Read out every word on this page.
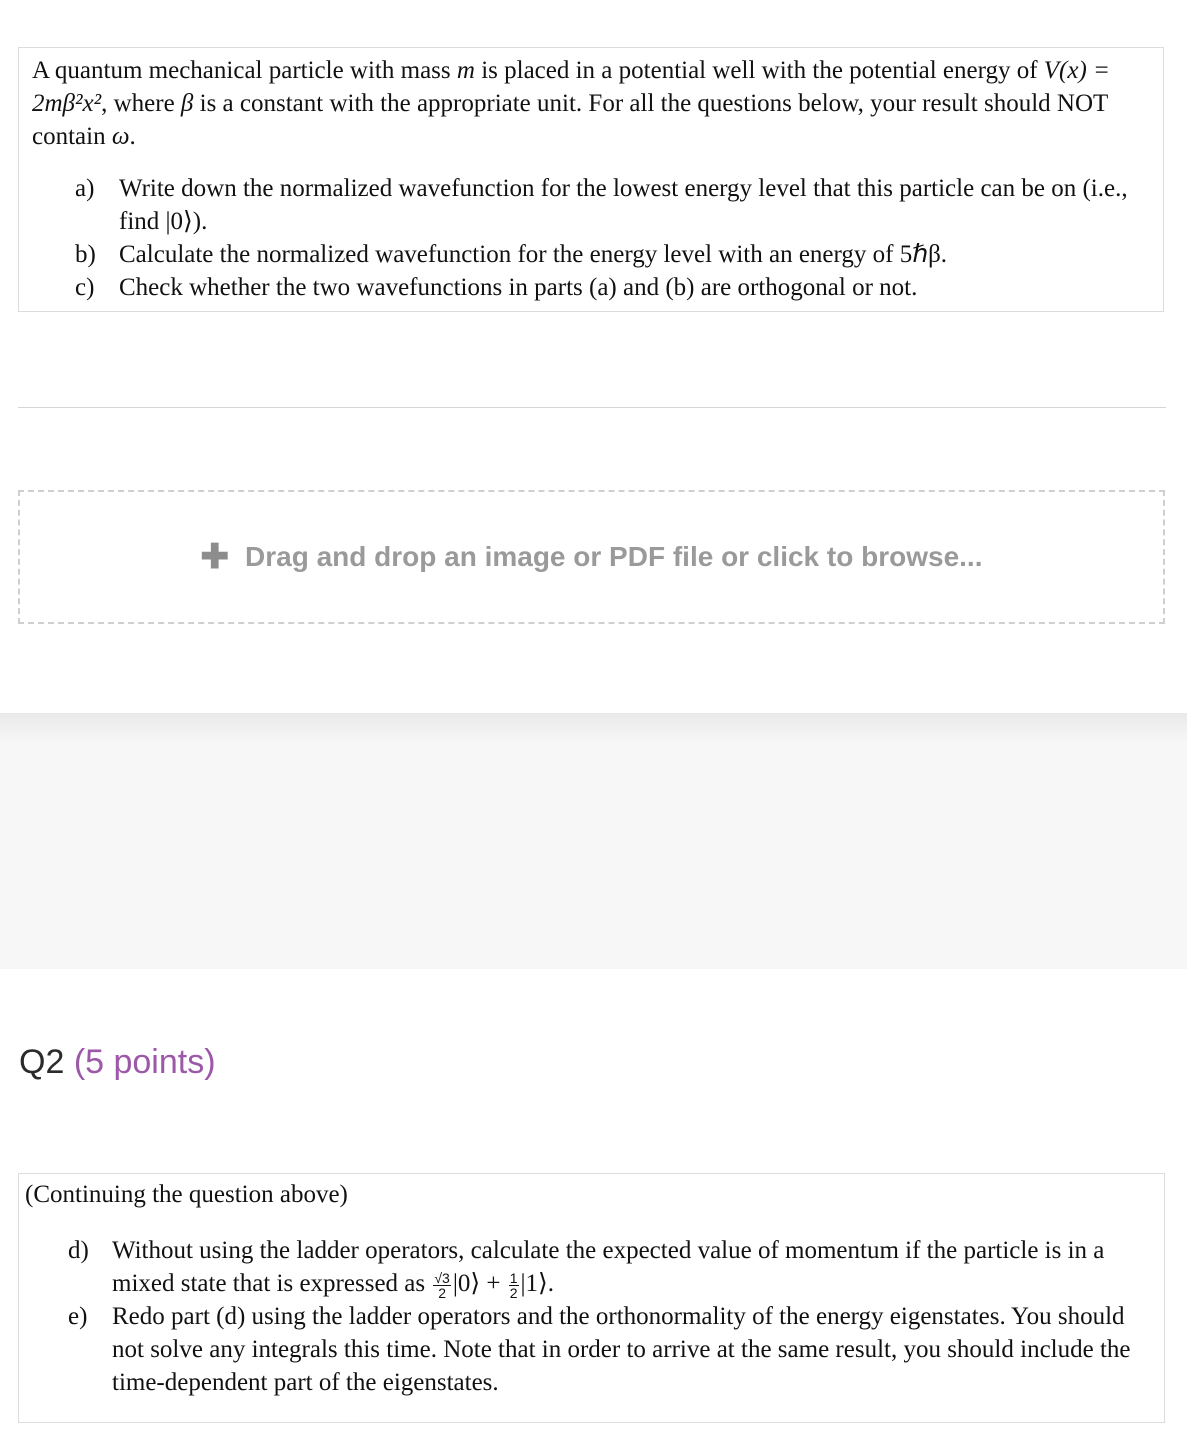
A quantum mechanical particle with mass m is placed in a potential well with the potential energy of V(x) = 2mβ²x², where β is a constant with the appropriate unit. For all the questions below, your result should NOT contain ω.

a) Write down the normalized wavefunction for the lowest energy level that this particle can be on (i.e., find |0⟩).
b) Calculate the normalized wavefunction for the energy level with an energy of 5ℏβ.
c) Check whether the two wavefunctions in parts (a) and (b) are orthogonal or not.
✚ Drag and drop an image or PDF file or click to browse...
Q2 (5 points)

(Continuing the question above)

d) Without using the ladder operators, calculate the expected value of momentum if the particle is in a mixed state that is expressed as $\frac{√3}{2}$ |0⟩ + $\frac{1}{2}$ |1⟩.
e) Redo part (d) using the ladder operators and the orthonormality of the energy eigenstates. You should not solve any integrals this time. Note that in order to arrive at the same result, you should include the time-dependent part of the eigenstates.
